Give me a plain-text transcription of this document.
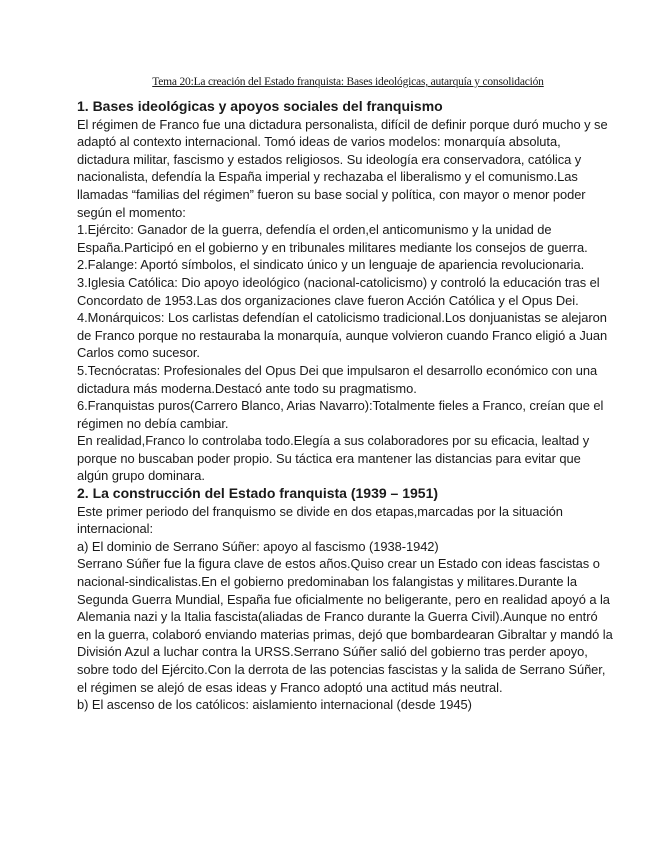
Tema 20:La creación del Estado franquista: Bases ideológicas, autarquía y consolidación
1. Bases ideológicas y apoyos sociales del franquismo
El régimen de Franco fue una dictadura personalista, difícil de definir porque duró mucho y se adaptó al contexto internacional. Tomó ideas de varios modelos: monarquía absoluta, dictadura militar, fascismo y estados religiosos. Su ideología era conservadora, católica y nacionalista, defendía la España imperial y rechazaba el liberalismo y el comunismo.Las llamadas “familias del régimen” fueron su base social y política, con mayor o menor poder según el momento:
1.Ejército: Ganador de la guerra, defendía el orden,el anticomunismo y la unidad de España.Participó en el gobierno y en tribunales militares mediante los consejos de guerra.
2.Falange: Aportó símbolos, el sindicato único y un lenguaje de apariencia revolucionaria.
3.Iglesia Católica: Dio apoyo ideológico (nacional-catolicismo) y controló la educación tras el Concordato de 1953.Las dos organizaciones clave fueron Acción Católica y el Opus Dei.
4.Monárquicos: Los carlistas defendían el catolicismo tradicional.Los donjuanistas se alejaron de Franco porque no restauraba la monarquía, aunque volvieron cuando Franco eligió a Juan Carlos como sucesor.
5.Tecnócratas: Profesionales del Opus Dei que impulsaron el desarrollo económico con una dictadura más moderna.Destacó ante todo su pragmatismo.
6.Franquistas puros(Carrero Blanco, Arias Navarro):Totalmente fieles a Franco, creían que el régimen no debía cambiar.
En realidad,Franco lo controlaba todo.Elegía a sus colaboradores por su eficacia, lealtad y porque no buscaban poder propio. Su táctica era mantener las distancias para evitar que algún grupo dominara.
2. La construcción del Estado franquista (1939 – 1951)
Este primer periodo del franquismo se divide en dos etapas,marcadas por la situación internacional:
a) El dominio de Serrano Súñer: apoyo al fascismo (1938-1942)
Serrano Súñer fue la figura clave de estos años.Quiso crear un Estado con ideas fascistas o nacional-sindicalistas.En el gobierno predominaban los falangistas y militares.Durante la Segunda Guerra Mundial, España fue oficialmente no beligerante, pero en realidad apoyó a la Alemania nazi y la Italia fascista(aliadas de Franco durante la Guerra Civil).Aunque no entró en la guerra, colaboró enviando materias primas, dejó que bombardearan Gibraltar y mandó la División Azul a luchar contra la URSS.Serrano Súñer salió del gobierno tras perder apoyo, sobre todo del Ejército.Con la derrota de las potencias fascistas y la salida de Serrano Súñer, el régimen se alejó de esas ideas y Franco adoptó una actitud más neutral.
b) El ascenso de los católicos: aislamiento internacional (desde 1945)
